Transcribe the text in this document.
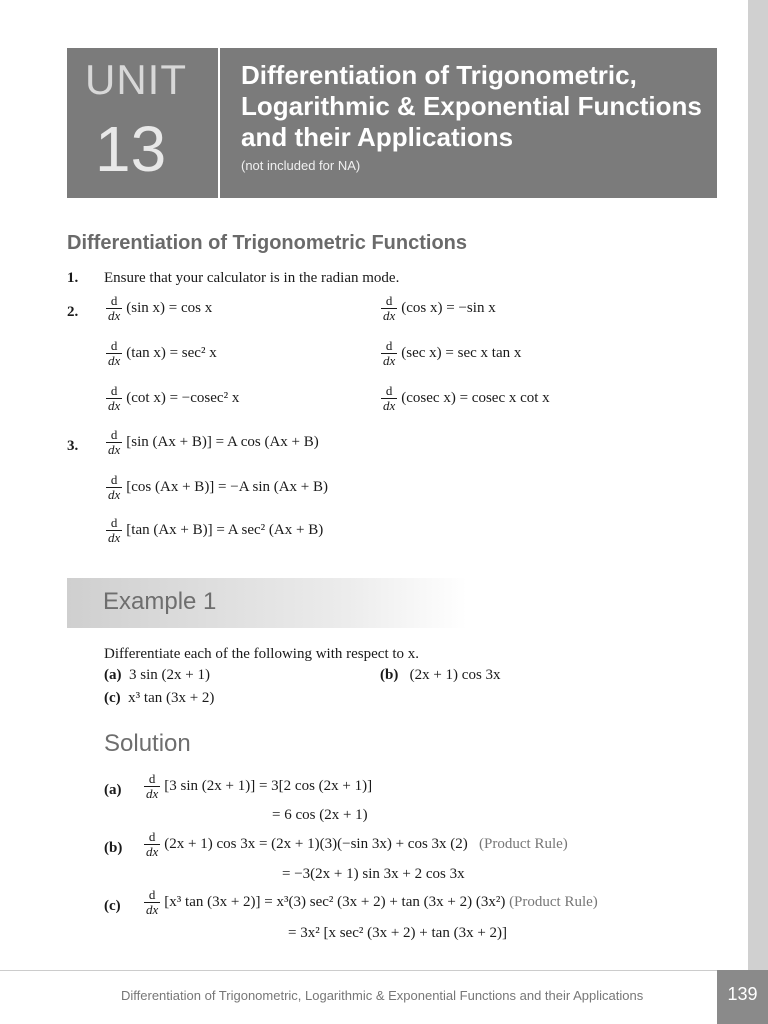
UNIT
13
Differentiation of Trigonometric, Logarithmic & Exponential Functions and their Applications
(not included for NA)
Differentiation of Trigonometric Functions
1. Ensure that your calculator is in the radian mode.
2. $\frac{d}{dx} (\sin$ x) = cos x	$\frac{d}{dx} (\cos$ x) = −sin x
$\frac{d}{dx} (\tan$ x) = sec² x	$\frac{d}{dx} (\sec$ x) = sec x tan x
$\frac{d}{dx} (\cot$ x) = −cosec² x	$\frac{d}{dx} (cosec$ x) = cosec x cot x
3. $\frac{d}{dx} [\sin$ (Ax + B)] = A cos (Ax + B)
$\frac{d}{dx} [\cos$ (Ax + B)] = −A sin (Ax + B)
$\frac{d}{dx} [\tan$ (Ax + B)] = A sec² (Ax + B)
Example 1
Differentiate each of the following with respect to x.
(a) 3 sin (2x + 1)	(b) (2x + 1) cos 3x
(c) x³ tan (3x + 2)
Solution
$(a) \frac{d}{dx} [3$ sin (2x + 1)] = 3[2 cos (2x + 1)]
= 6 cos (2x + 1)
$(b) \frac{d}{dx} (2x + 1)$ cos 3x = (2x + 1)(3)(−sin 3x) + cos 3x (2) (Product Rule)
= −3(2x + 1) sin 3x + 2 cos 3x
$(c) \frac{d}{dx} [x^3$ tan (3x + 2)] = x³(3) sec² (3x + 2) + tan (3x + 2) (3x²) (Product Rule)
= 3x² [x sec² (3x + 2) + tan (3x + 2)]
Differentiation of Trigonometric, Logarithmic & Exponential Functions and their Applications	139
